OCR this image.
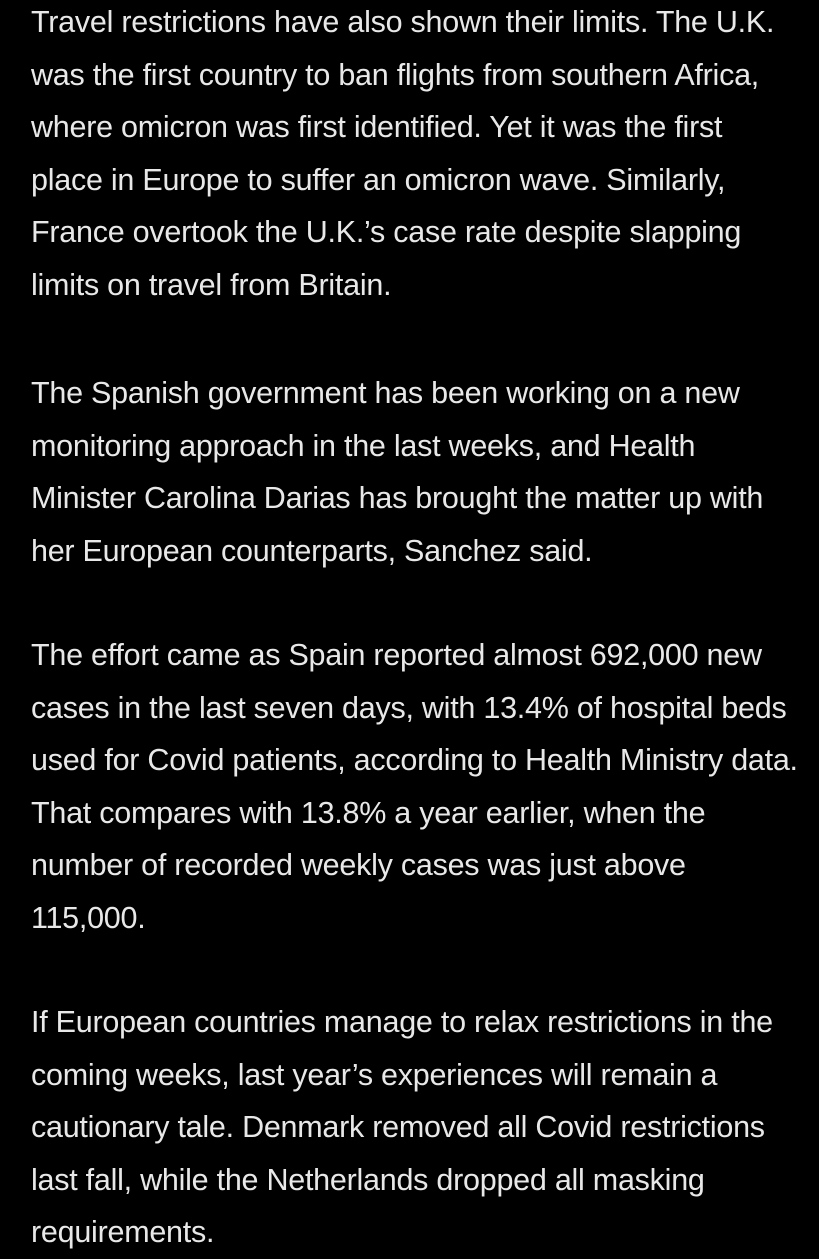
Travel restrictions have also shown their limits. The U.K. was the first country to ban flights from southern Africa, where omicron was first identified. Yet it was the first place in Europe to suffer an omicron wave. Similarly, France overtook the U.K.’s case rate despite slapping limits on travel from Britain.

The Spanish government has been working on a new monitoring approach in the last weeks, and Health Minister Carolina Darias has brought the matter up with her European counterparts, Sanchez said.

The effort came as Spain reported almost 692,000 new cases in the last seven days, with 13.4% of hospital beds used for Covid patients, according to Health Ministry data. That compares with 13.8% a year earlier, when the number of recorded weekly cases was just above 115,000.

If European countries manage to relax restrictions in the coming weeks, last year’s experiences will remain a cautionary tale. Denmark removed all Covid restrictions last fall, while the Netherlands dropped all masking requirements.
